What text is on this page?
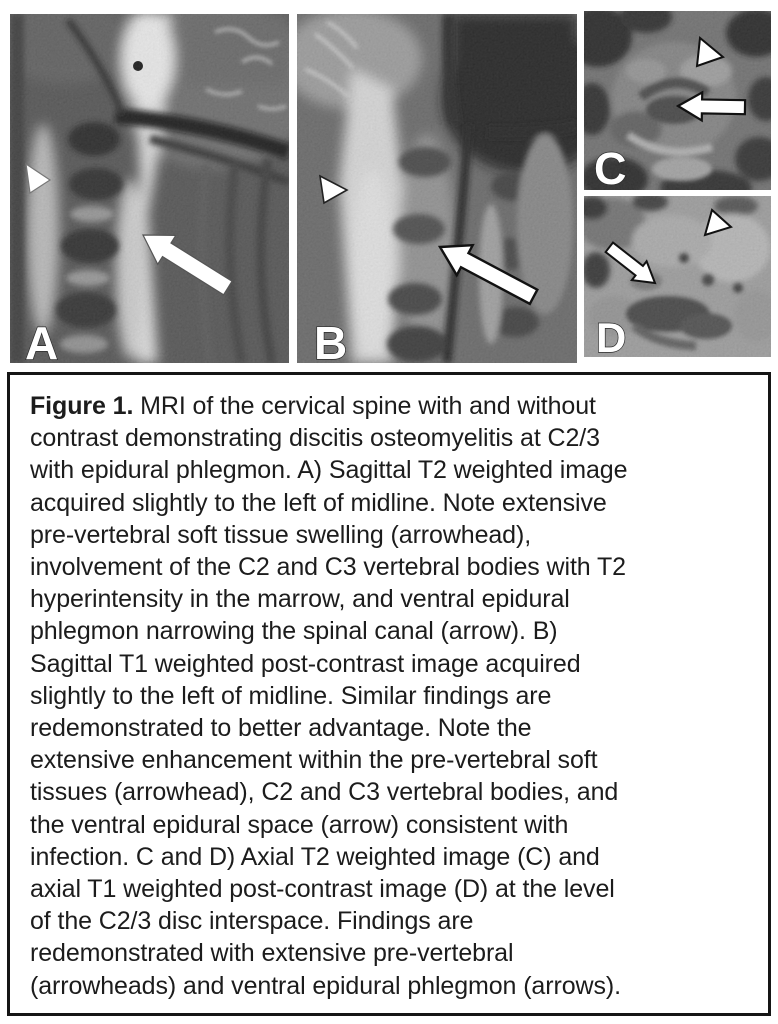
A	B
C
D

Figure 1. MRI of the cervical spine with and without
contrast demonstrating discitis osteomyelitis at C2/3
with epidural phlegmon. A) Sagittal T2 weighted image
acquired slightly to the left of midline. Note extensive
pre-vertebral soft tissue swelling (arrowhead),
involvement of the C2 and C3 vertebral bodies with T2
hyperintensity in the marrow, and ventral epidural
phlegmon narrowing the spinal canal (arrow). B)
Sagittal T1 weighted post-contrast image acquired
slightly to the left of midline. Similar findings are
redemonstrated to better advantage. Note the
extensive enhancement within the pre-vertebral soft
tissues (arrowhead), C2 and C3 vertebral bodies, and
the ventral epidural space (arrow) consistent with
infection. C and D) Axial T2 weighted image (C) and
axial T1 weighted post-contrast image (D) at the level
of the C2/3 disc interspace. Findings are
redemonstrated with extensive pre-vertebral
(arrowheads) and ventral epidural phlegmon (arrows).
